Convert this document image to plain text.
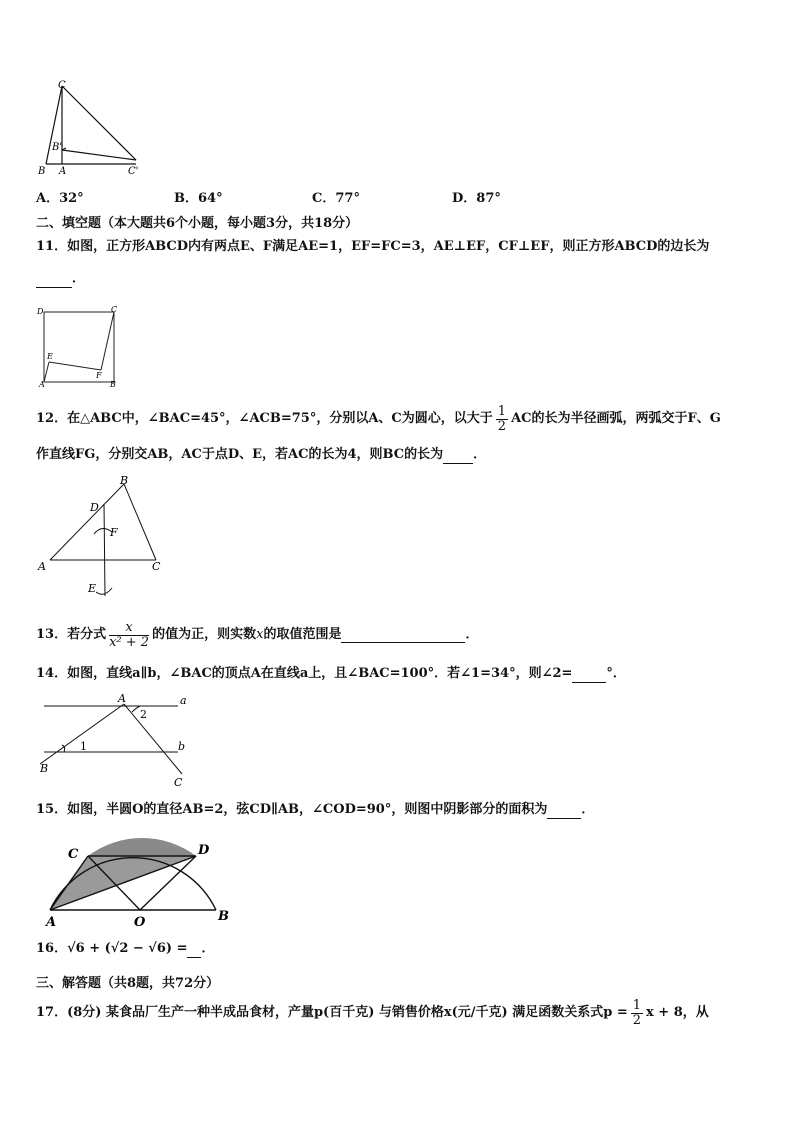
C
B'
B A	C'
A．32°	B．64°	C．77°	D．87°
二、填空题（本大题共6个小题，每小题3分，共18分）
11．如图，正方形ABCD内有两点E、F满足AE=1，EF=FC=3，AE⊥EF，CF⊥EF，则正方形ABCD的边长为
．
D	C
E
A
F
B
12．在△ABC中，∠BAC=45°，∠ACB=75°，分别以A、C为圆心，以大于 $\frac{1}{2}$ AC的长为半径画弧，两弧交于F、G
作直线FG，分别交AB，AC于点D、E，若AC的长为4，则BC的长为 ．
B
D
F
A	C
E
13．若分式 $\frac{x}{\text{x² + 2}}$ 的值为正，则实数 x 的取值范围是	．
14．如图，直线a∥b，∠BAC的顶点A在直线a上，且∠BAC=100°．若∠1=34°，则∠2=	°．
A	a
2
1	b
B
C
15．如图，半圆O的直径AB=2，弦CD∥AB，∠COD=90°，则图中阴影部分的面积为	．
C	D
A	O	B
16．√6 + (√2 − √6) = ．
三、解答题（共8题，共72分）
17．(8分) 某食品厂生产一种半成品食材，产量p(百千克) 与销售价格x(元/千克) 满足函数关系式$p = \frac{1}{2}$ x + 8，从
